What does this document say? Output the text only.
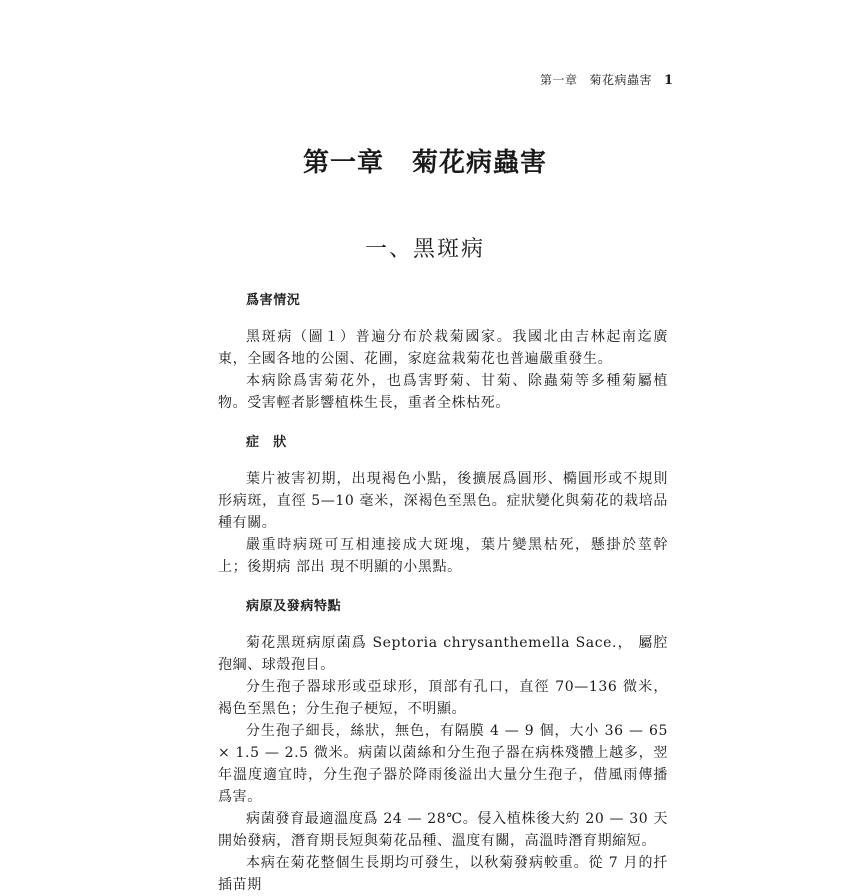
第一章 菊花病蟲害 1
第一章 菊花病蟲害
一、黑斑病
爲害情況

黑斑病（圖１）普遍分布於栽菊國家。我國北由吉林起南迄廣東，全國各地的公園、花圃，家庭盆栽菊花也普遍嚴重發生。

本病除爲害菊花外，也爲害野菊、甘菊、除蟲菊等多種菊屬植物。受害輕者影響植株生長，重者全株枯死。

症　狀

葉片被害初期，出現褐色小點，後擴展爲圓形、橢圓形或不規則形病斑，直徑 5—10 毫米，深褐色至黑色。症狀變化與菊花的栽培品種有關。

嚴重時病斑可互相連接成大斑塊，葉片變黑枯死，懸掛於莖幹上；後期病 部出 現不明顯的小黑點。

病原及發病特點

菊花黑斑病原菌爲 Septoria chrysanthemella Sace.， 屬腔孢綱、球殼孢目。

分生孢子器球形或亞球形，頂部有孔口，直徑 70—136 微米，褐色至黑色；分生孢子梗短，不明顯。

分生孢子細長，絲狀，無色，有隔膜 4 — 9 個，大小 36 — 65 × 1.5 — 2.5 微米。病菌以菌絲和分生孢子器在病株殘體上越多，翌年溫度適宜時，分生孢子器於降雨後溢出大量分生孢子，借風雨傳播爲害。

病菌發育最適溫度爲 24 — 28℃。侵入植株後大約 20 — 30 天開始發病，潛育期長短與菊花品種、溫度有關，高溫時潛育期縮短。

本病在菊花整個生長期均可發生，以秋菊發病較重。從 7 月的扦插苗期
